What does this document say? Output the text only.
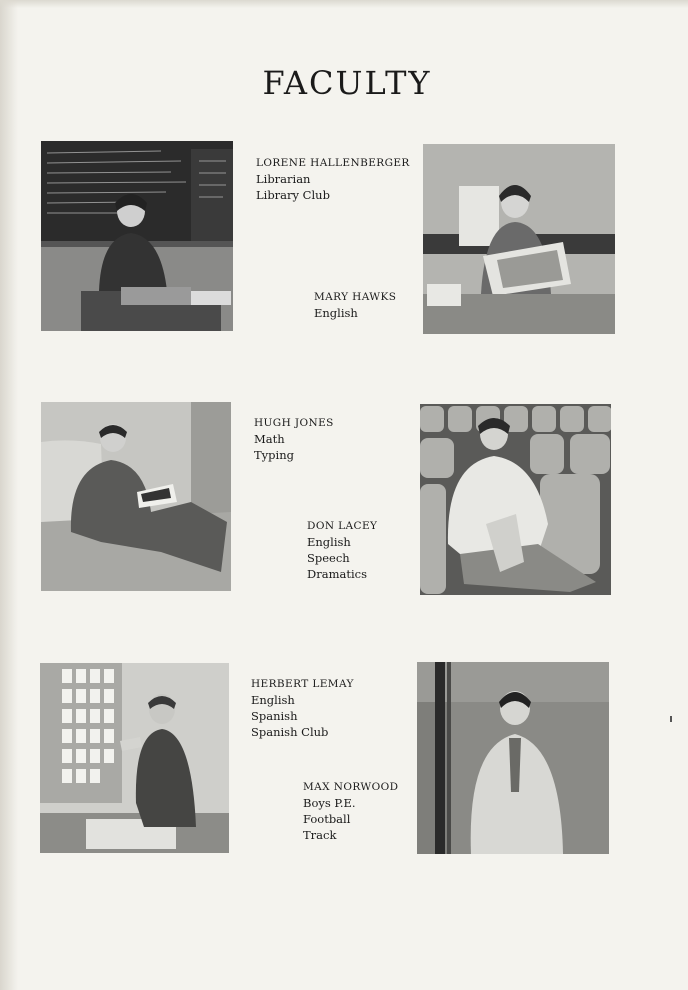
FACULTY
LORENE HALLENBERGER
Librarian
Library Club
MARY HAWKS
English
HUGH JONES
Math
Typing
DON LACEY
English
Speech
Dramatics
HERBERT LEMAY
English
Spanish
Spanish Club
MAX NORWOOD
Boys P.E.
Football
Track
